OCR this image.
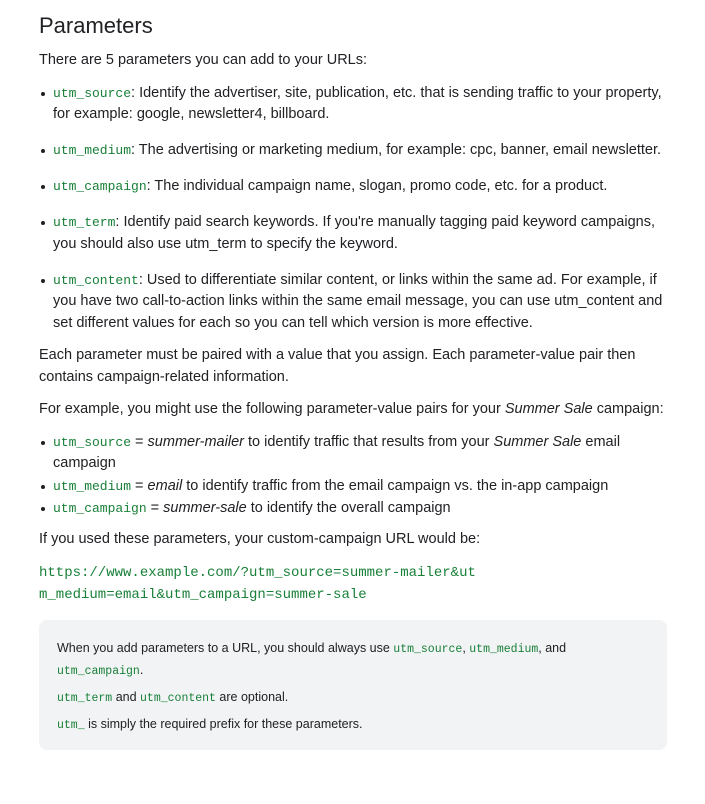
Parameters

There are 5 parameters you can add to your URLs:

utm_source: Identify the advertiser, site, publication, etc. that is sending traffic to your property, for example: google, newsletter4, billboard.
utm_medium: The advertising or marketing medium, for example: cpc, banner, email newsletter.
utm_campaign: The individual campaign name, slogan, promo code, etc. for a product.
utm_term: Identify paid search keywords. If you're manually tagging paid keyword campaigns, you should also use utm_term to specify the keyword.
utm_content: Used to differentiate similar content, or links within the same ad. For example, if you have two call-to-action links within the same email message, you can use utm_content and set different values for each so you can tell which version is more effective.

Each parameter must be paired with a value that you assign. Each parameter-value pair then contains campaign-related information.

For example, you might use the following parameter-value pairs for your Summer Sale campaign:

utm_source = summer-mailer to identify traffic that results from your Summer Sale email campaign
utm_medium = email to identify traffic from the email campaign vs. the in-app campaign
utm_campaign = summer-sale to identify the overall campaign

If you used these parameters, your custom-campaign URL would be:

https://www.example.com/?utm_source=summer-mailer&utm_medium=email&utm_campaign=summer-sale

When you add parameters to a URL, you should always use utm_source, utm_medium, and
utm_campaign.

utm_term and utm_content are optional.

utm_ is simply the required prefix for these parameters.
